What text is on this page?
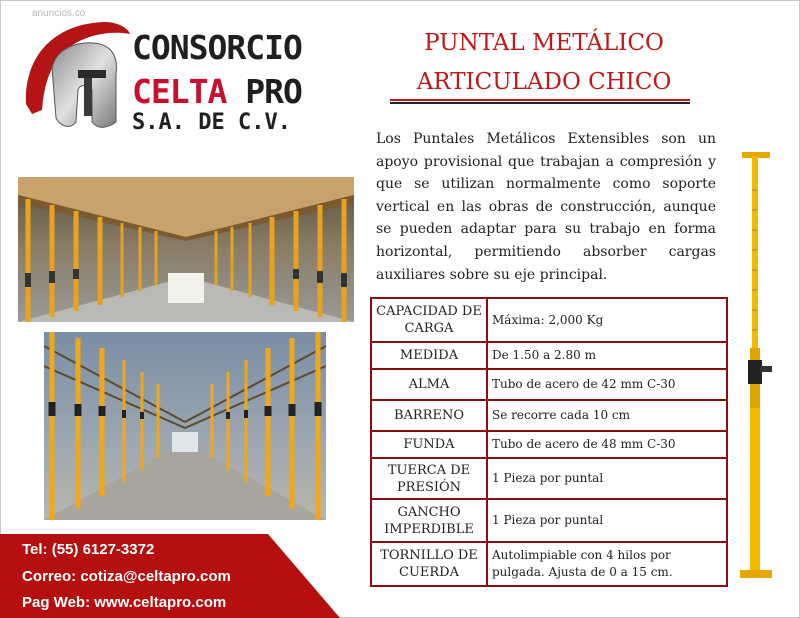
anuncios.co
CONSORCIO
CELTA PRO
S.A. DE C.V.
PUNTAL METÁLICO
ARTICULADO CHICO

Los Puntales Metálicos Extensibles son un apoyo provisional que trabajan a compresión y que se utilizan normalmente como soporte vertical en las obras de construcción, aunque se pueden adaptar para su trabajo en forma horizontal, permitiendo absorber cargas auxiliares sobre su eje principal.

CAPACIDAD DE CARGA	Máxima: 2,000 Kg
MEDIDA	De 1.50 a 2.80 m
ALMA	Tubo de acero de 42 mm C-30
BARRENO	Se recorre cada 10 cm
FUNDA	Tubo de acero de 48 mm C-30
TUERCA DE PRESIÓN	1 Pieza por puntal
GANCHO IMPERDIBLE	1 Pieza por puntal
TORNILLO DE CUERDA	Autolimpiable con 4 hilos por pulgada. Ajusta de 0 a 15 cm.
Tel: (55) 6127-3372
Correo: cotiza@celtapro.com
Pag Web: www.celtapro.com
